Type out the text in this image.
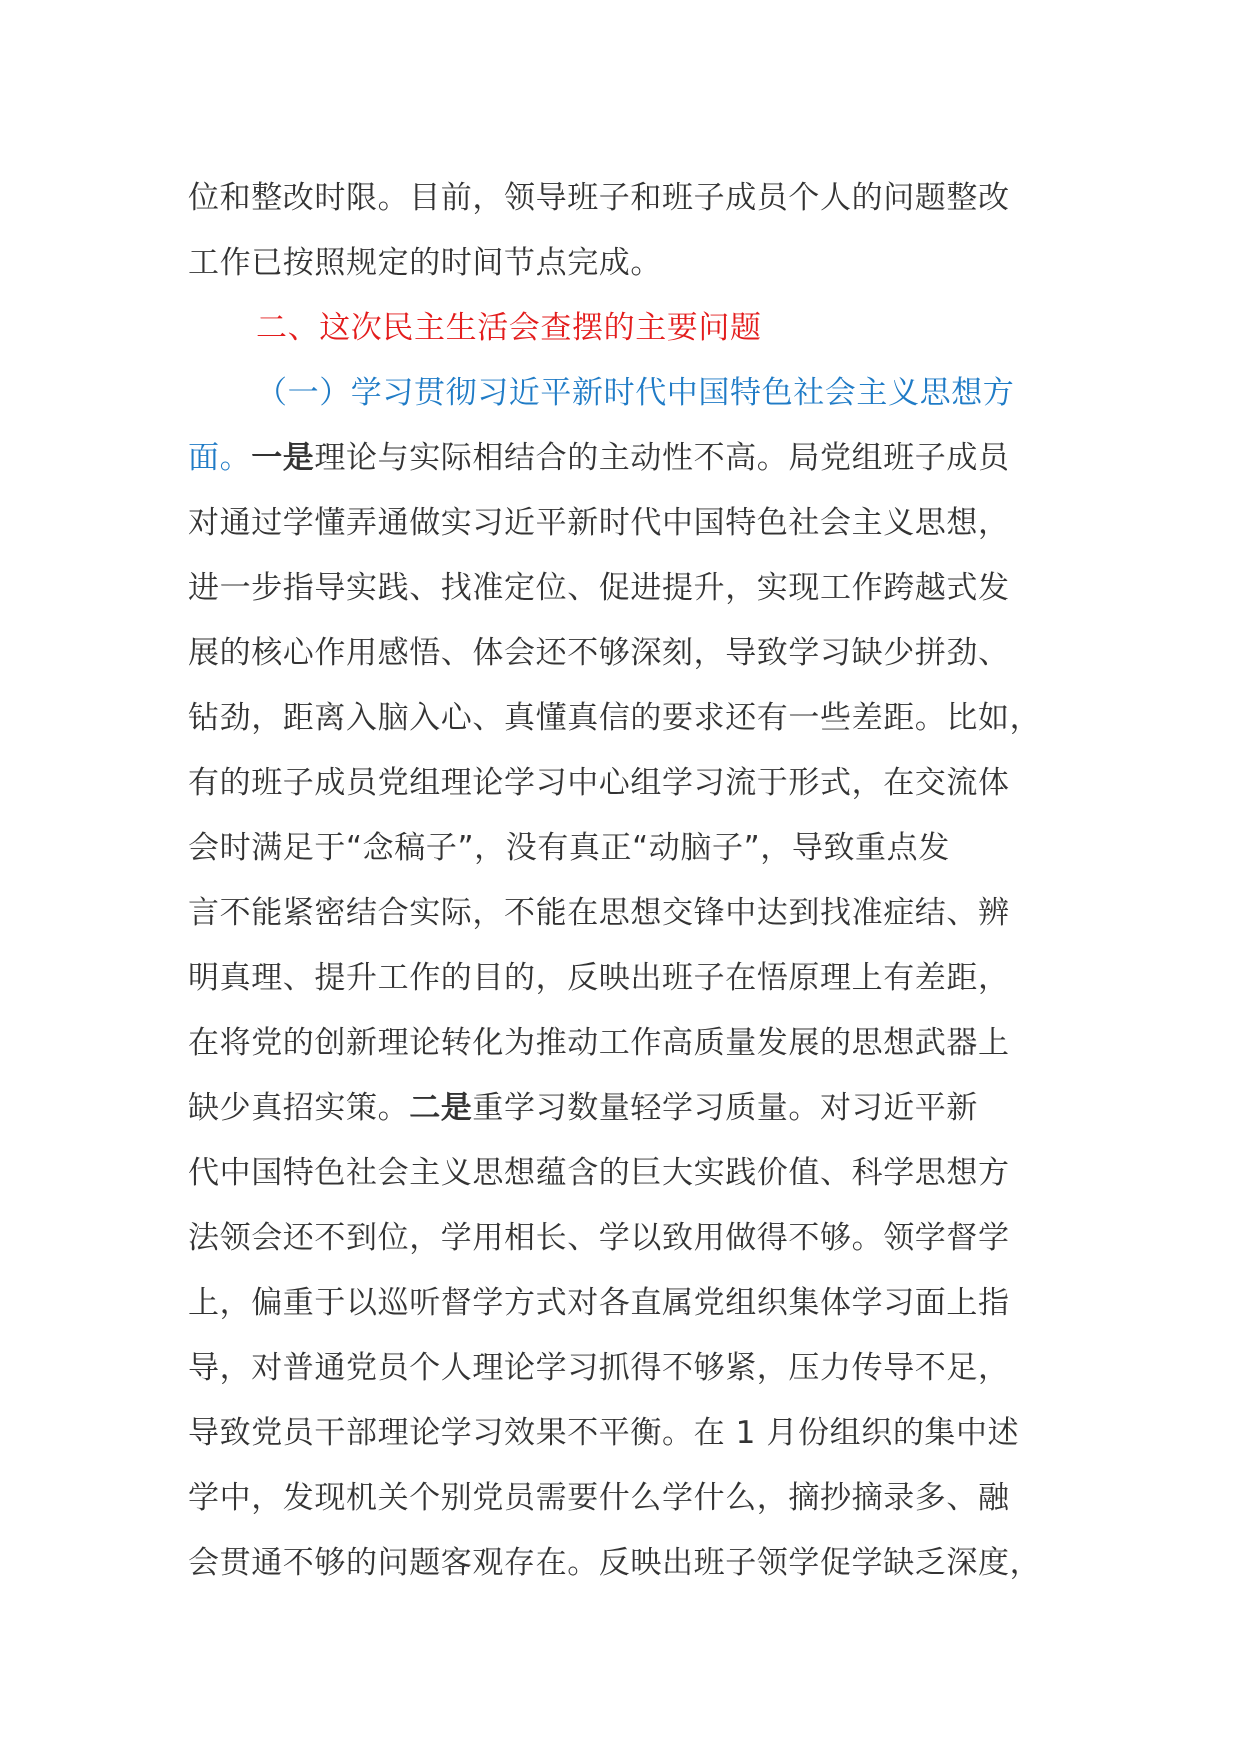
位和整改时限。目前，领导班子和班子成员个人的问题整改
工作已按照规定的时间节点完成。
二、这次民主生活会查摆的主要问题
（一）学习贯彻习近平新时代中国特色社会主义思想方
面。一是理论与实际相结合的主动性不高。局党组班子成员
对通过学懂弄通做实习近平新时代中国特色社会主义思想，
进一步指导实践、找准定位、促进提升，实现工作跨越式发
展的核心作用感悟、体会还不够深刻，导致学习缺少拼劲、
钻劲，距离入脑入心、真懂真信的要求还有一些差距。比如，
有的班子成员党组理论学习中心组学习流于形式，在交流体
会时满足于“念稿子”，没有真正“动脑子”，导致重点发
言不能紧密结合实际，不能在思想交锋中达到找准症结、辨
明真理、提升工作的目的，反映出班子在悟原理上有差距，
在将党的创新理论转化为推动工作高质量发展的思想武器上
缺少真招实策。二是重学习数量轻学习质量。对习近平新
代中国特色社会主义思想蕴含的巨大实践价值、科学思想方
法领会还不到位，学用相长、学以致用做得不够。领学督学
上，偏重于以巡听督学方式对各直属党组织集体学习面上指
导，对普通党员个人理论学习抓得不够紧，压力传导不足，
导致党员干部理论学习效果不平衡。在 1 月份组织的集中述
学中，发现机关个别党员需要什么学什么，摘抄摘录多、融
会贯通不够的问题客观存在。反映出班子领学促学缺乏深度，
